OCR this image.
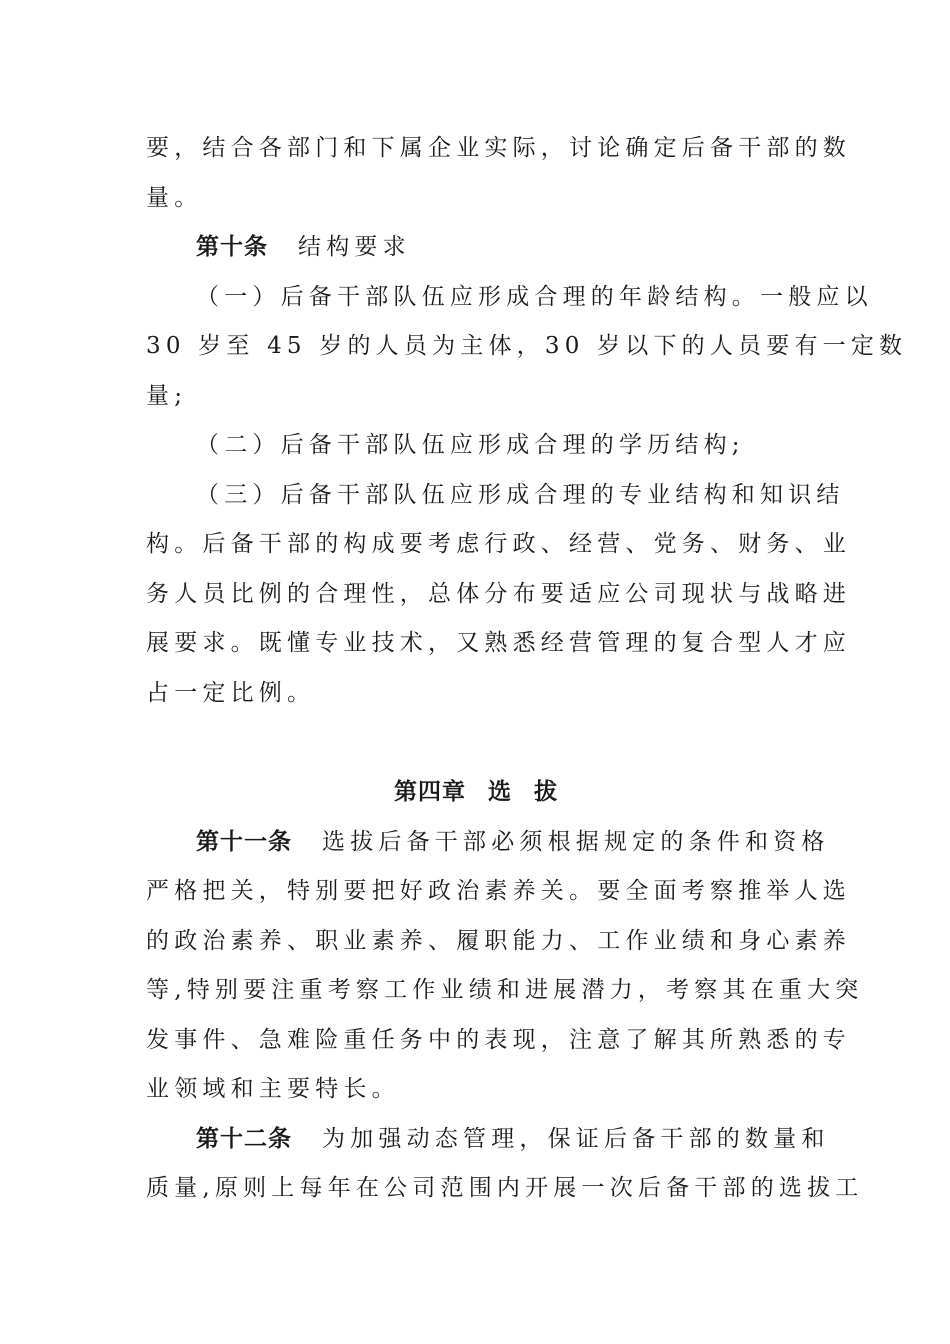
要，结合各部门和下属企业实际，讨论确定后备干部的数
量。
第十条 结构要求
（一）后备干部队伍应形成合理的年龄结构。一般应以
30 岁至 45 岁的人员为主体，30 岁以下的人员要有一定数
量;
（二）后备干部队伍应形成合理的学历结构;
（三）后备干部队伍应形成合理的专业结构和知识结
构。后备干部的构成要考虑行政、经营、党务、财务、业
务人员比例的合理性，总体分布要适应公司现状与战略进
展要求。既懂专业技术，又熟悉经营管理的复合型人才应
占一定比例。
第四章 选 拔
第十一条 选拔后备干部必须根据规定的条件和资格
严格把关，特别要把好政治素养关。要全面考察推举人选
的政治素养、职业素养、履职能力、工作业绩和身心素养
等,特别要注重考察工作业绩和进展潜力，考察其在重大突
发事件、急难险重任务中的表现，注意了解其所熟悉的专
业领域和主要特长。
第十二条 为加强动态管理，保证后备干部的数量和
质量,原则上每年在公司范围内开展一次后备干部的选拔工
